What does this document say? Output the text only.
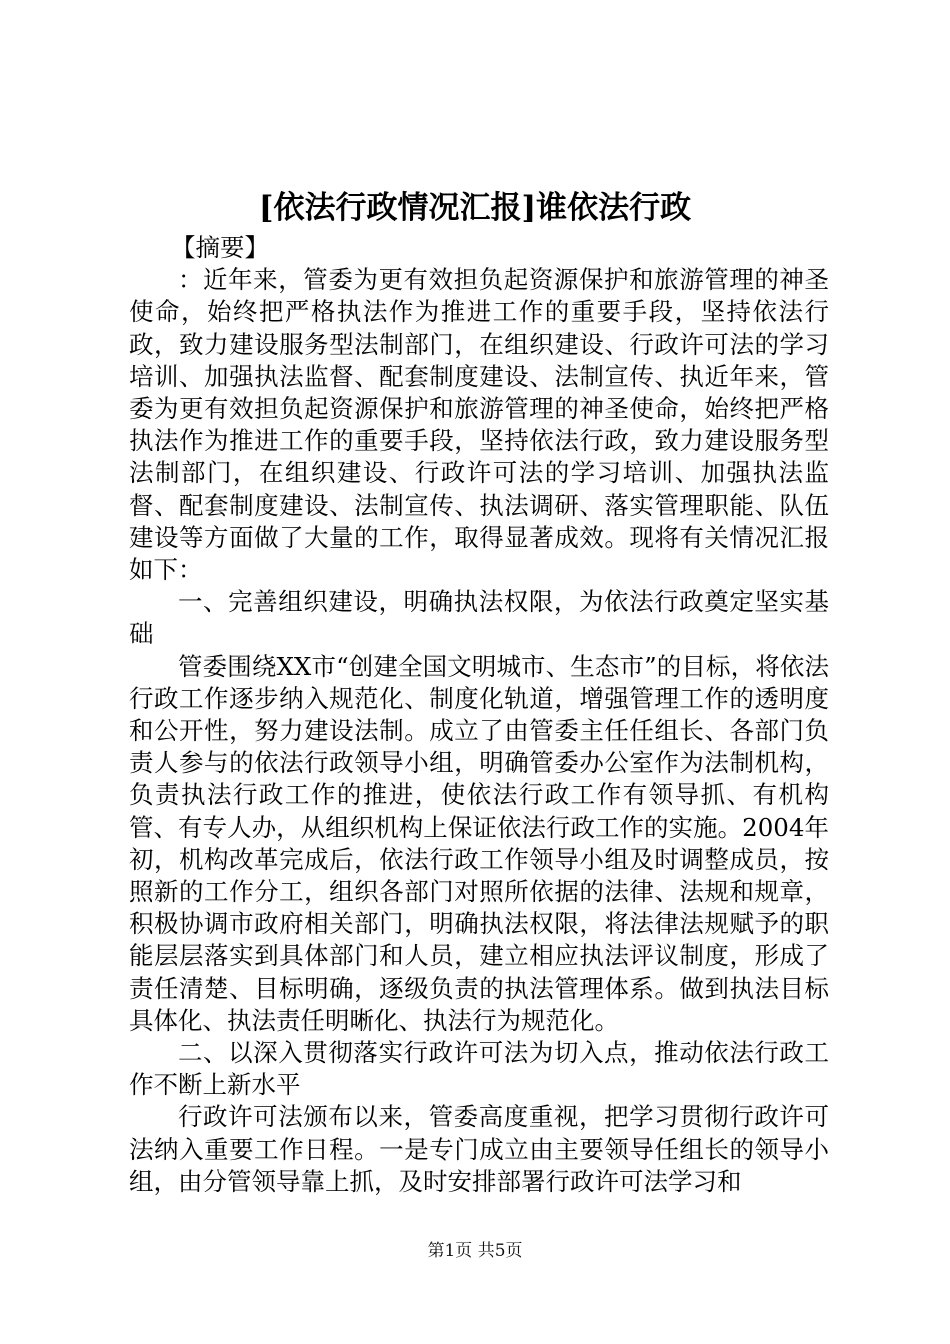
[依法行政情况汇报]谁依法行政

【摘要】

：近年来，管委为更有效担负起资源保护和旅游管理的神圣使命，始终把严格执法作为推进工作的重要手段，坚持依法行政，致力建设服务型法制部门，在组织建设、行政许可法的学习培训、加强执法监督、配套制度建设、法制宣传、执近年来，管委为更有效担负起资源保护和旅游管理的神圣使命，始终把严格执法作为推进工作的重要手段，坚持依法行政，致力建设服务型法制部门，在组织建设、行政许可法的学习培训、加强执法监督、配套制度建设、法制宣传、执法调研、落实管理职能、队伍建设等方面做了大量的工作，取得显著成效。现将有关情况汇报如下：

一、完善组织建设，明确执法权限，为依法行政奠定坚实基础

管委围绕XX市“创建全国文明城市、生态市”的目标，将依法行政工作逐步纳入规范化、制度化轨道，增强管理工作的透明度和公开性，努力建设法制。成立了由管委主任任组长、各部门负责人参与的依法行政领导小组，明确管委办公室作为法制机构，负责执法行政工作的推进，使依法行政工作有领导抓、有机构管、有专人办，从组织机构上保证依法行政工作的实施。2004年初，机构改革完成后，依法行政工作领导小组及时调整成员，按照新的工作分工，组织各部门对照所依据的法律、法规和规章，积极协调市政府相关部门，明确执法权限，将法律法规赋予的职能层层落实到具体部门和人员，建立相应执法评议制度，形成了责任清楚、目标明确，逐级负责的执法管理体系。做到执法目标具体化、执法责任明晰化、执法行为规范化。

二、以深入贯彻落实行政许可法为切入点，推动依法行政工作不断上新水平

行政许可法颁布以来，管委高度重视，把学习贯彻行政许可法纳入重要工作日程。一是专门成立由主要领导任组长的领导小组，由分管领导靠上抓，及时安排部署行政许可法学习和

第1页 共5页
